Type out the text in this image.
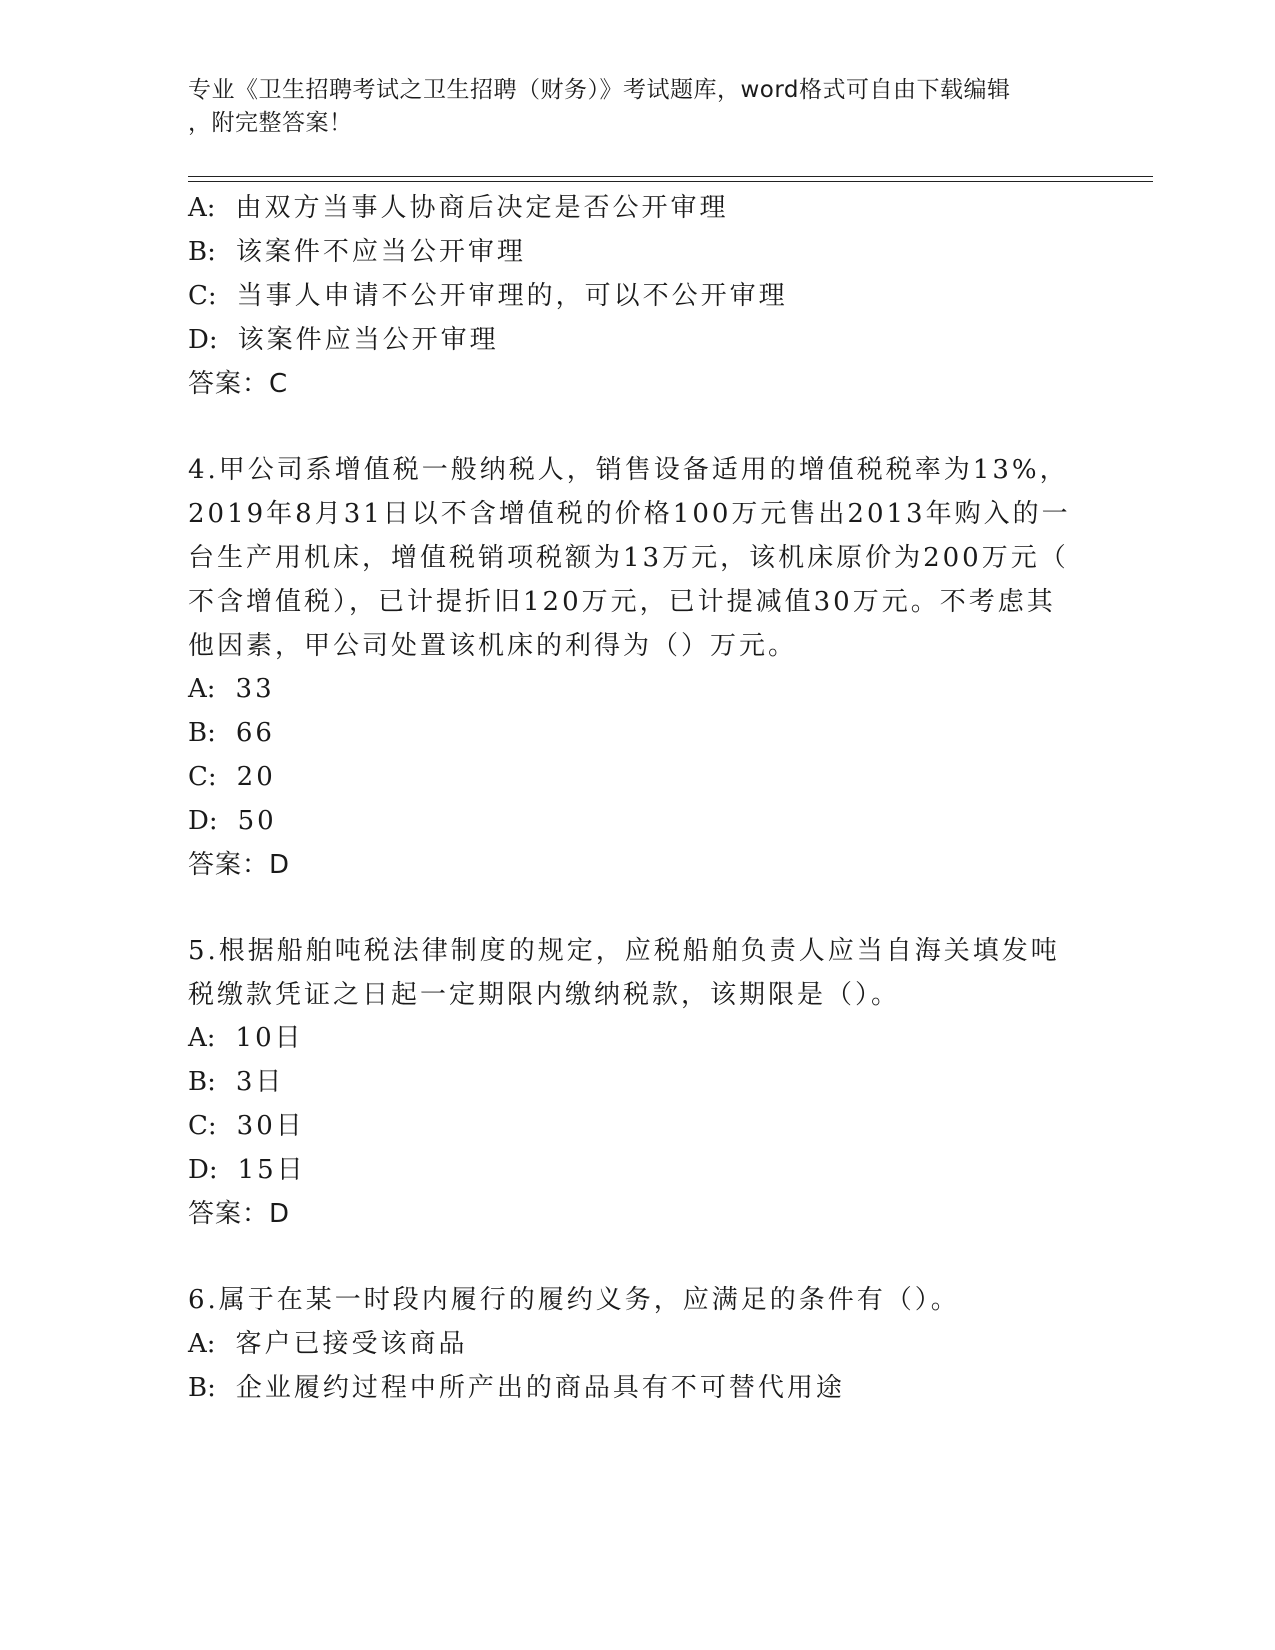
专业《卫生招聘考试之卫生招聘（财务）》考试题库，word格式可自由下载编辑

，附完整答案！

A: 由双方当事人协商后决定是否公开审理

B: 该案件不应当公开审理

C: 当事人申请不公开审理的，可以不公开审理

D: 该案件应当公开审理

答案：C

4.甲公司系增值税一般纳税人，销售设备适用的增值税税率为13%，

2019年8月31日以不含增值税的价格100万元售出2013年购入的一

台生产用机床，增值税销项税额为13万元，该机床原价为200万元（

不含增值税），已计提折旧120万元，已计提减值30万元。不考虑其

他因素，甲公司处置该机床的利得为（）万元。

A: 33

B: 66

C: 20

D: 50

答案：D

5.根据船舶吨税法律制度的规定，应税船舶负责人应当自海关填发吨

税缴款凭证之日起一定期限内缴纳税款，该期限是（）。

A: 10日

B: 3日

C: 30日

D: 15日

答案：D

6.属于在某一时段内履行的履约义务，应满足的条件有（）。

A: 客户已接受该商品

B: 企业履约过程中所产出的商品具有不可替代用途
